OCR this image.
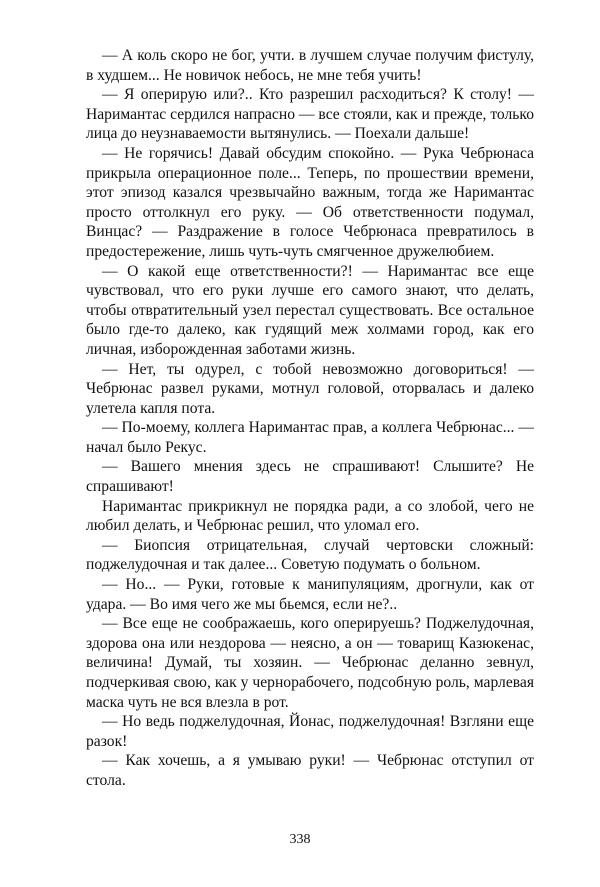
— А коль скоро не бог, учти. в лучшем случае получим фистулу, в худшем... Не новичок небось, не мне тебя учить!

— Я оперирую или?.. Кто разрешил расходиться? К столу! — Наримантас сердился напрасно — все стояли, как и прежде, только лица до неузнаваемости вытянулись. — Поехали дальше!

— Не горячись! Давай обсудим спокойно. — Рука Чебрюнаса прикрыла операционное поле... Теперь, по прошествии времени, этот эпизод казался чрезвычайно важным, тогда же Наримантас просто оттолкнул его руку. — Об ответственности подумал, Винцас? — Раздражение в голосе Чебрюнаса превратилось в предостережение, лишь чуть-чуть смягченное дружелюбием.

— О какой еще ответственности?! — Наримантас все еще чувствовал, что его руки лучше его самого знают, что делать, чтобы отвратительный узел перестал существовать. Все остальное было где-то далеко, как гудящий меж холмами город, как его личная, изборожденная заботами жизнь.

— Нет, ты одурел, с тобой невозможно договориться! — Чебрюнас развел руками, мотнул головой, оторвалась и далеко улетела капля пота.

— По-моему, коллега Наримантас прав, а коллега Чебрюнас... — начал было Рекус.

— Вашего мнения здесь не спрашивают! Слышите? Не спрашивают!

Наримантас прикрикнул не порядка ради, а со злобой, чего не любил делать, и Чебрюнас решил, что уломал его.

— Биопсия отрицательная, случай чертовски сложный: поджелудочная и так далее... Советую подумать о больном.

— Но... — Руки, готовые к манипуляциям, дрогнули, как от удара. — Во имя чего же мы бьемся, если не?..

— Все еще не соображаешь, кого оперируешь? Поджелудочная, здорова она или нездорова — неясно, а он — товарищ Казюкенас, величина! Думай, ты хозяин. — Чебрюнас деланно зевнул, подчеркивая свою, как у чернорабочего, подсобную роль, марлевая маска чуть не вся влезла в рот.

— Но ведь поджелудочная, Йонас, поджелудочная! Взгляни еще разок!

— Как хочешь, а я умываю руки! — Чебрюнас отступил от стола.

338
